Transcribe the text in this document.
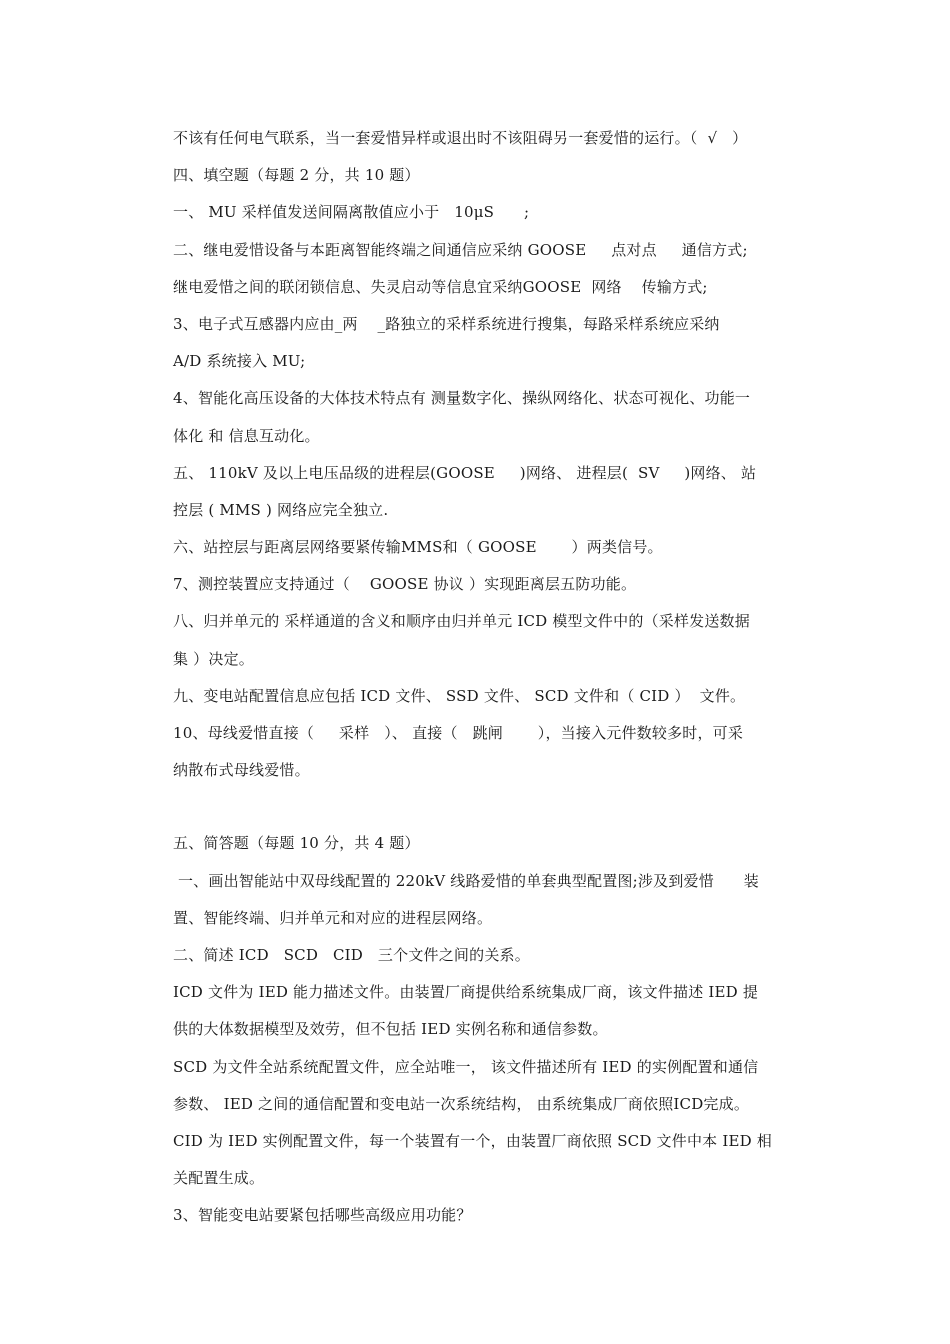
不该有任何电气联系，当一套爱惜异样或退出时不该阻碍另一套爱惜的运行。（  √   ）
四、填空题（每题 2 分，共 10 题）
一、 MU 采样值发送间隔离散值应小于   10μS      ;
二、继电爱惜设备与本距离智能终端之间通信应采纳 GOOSE     点对点     通信方式;
继电爱惜之间的联闭锁信息、失灵启动等信息宜采纳GOOSE  网络    传输方式;
3、电子式互感器内应由_两    _路独立的采样系统进行搜集，每路采样系统应采纳
A/D 系统接入 MU;
4、智能化高压设备的大体技术特点有 测量数字化、操纵网络化、状态可视化、功能一
体化 和 信息互动化。
五、 110kV 及以上电压品级的进程层(GOOSE     )网络、 进程层(  SV     )网络、 站
控层 ( MMS ) 网络应完全独立.
六、站控层与距离层网络要紧传输MMS和（ GOOSE       ）两类信号。
7、测控装置应支持通过（    GOOSE 协议 ）实现距离层五防功能。
八、归并单元的 采样通道的含义和顺序由归并单元 ICD 模型文件中的（采样发送数据
集 ）决定。
九、变电站配置信息应包括 ICD 文件、 SSD 文件、 SCD 文件和（ CID ）  文件。
10、母线爱惜直接（     采样   ）、 直接（   跳闸       ），当接入元件数较多时，可采
纳散布式母线爱惜。
五、简答题（每题 10 分，共 4 题）
一、画出智能站中双母线配置的 220kV 线路爱惜的单套典型配置图;涉及到爱惜      装
置、智能终端、归并单元和对应的进程层网络。
二、简述 ICD   SCD   CID   三个文件之间的关系。
ICD 文件为 IED 能力描述文件。由装置厂商提供给系统集成厂商，该文件描述 IED 提
供的大体数据模型及效劳，但不包括 IED 实例名称和通信参数。
SCD 为文件全站系统配置文件，应全站唯一， 该文件描述所有 IED 的实例配置和通信
参数、 IED 之间的通信配置和变电站一次系统结构， 由系统集成厂商依照ICD完成。
CID 为 IED 实例配置文件，每一个装置有一个，由装置厂商依照 SCD 文件中本 IED 相
关配置生成。
3、智能变电站要紧包括哪些高级应用功能？
